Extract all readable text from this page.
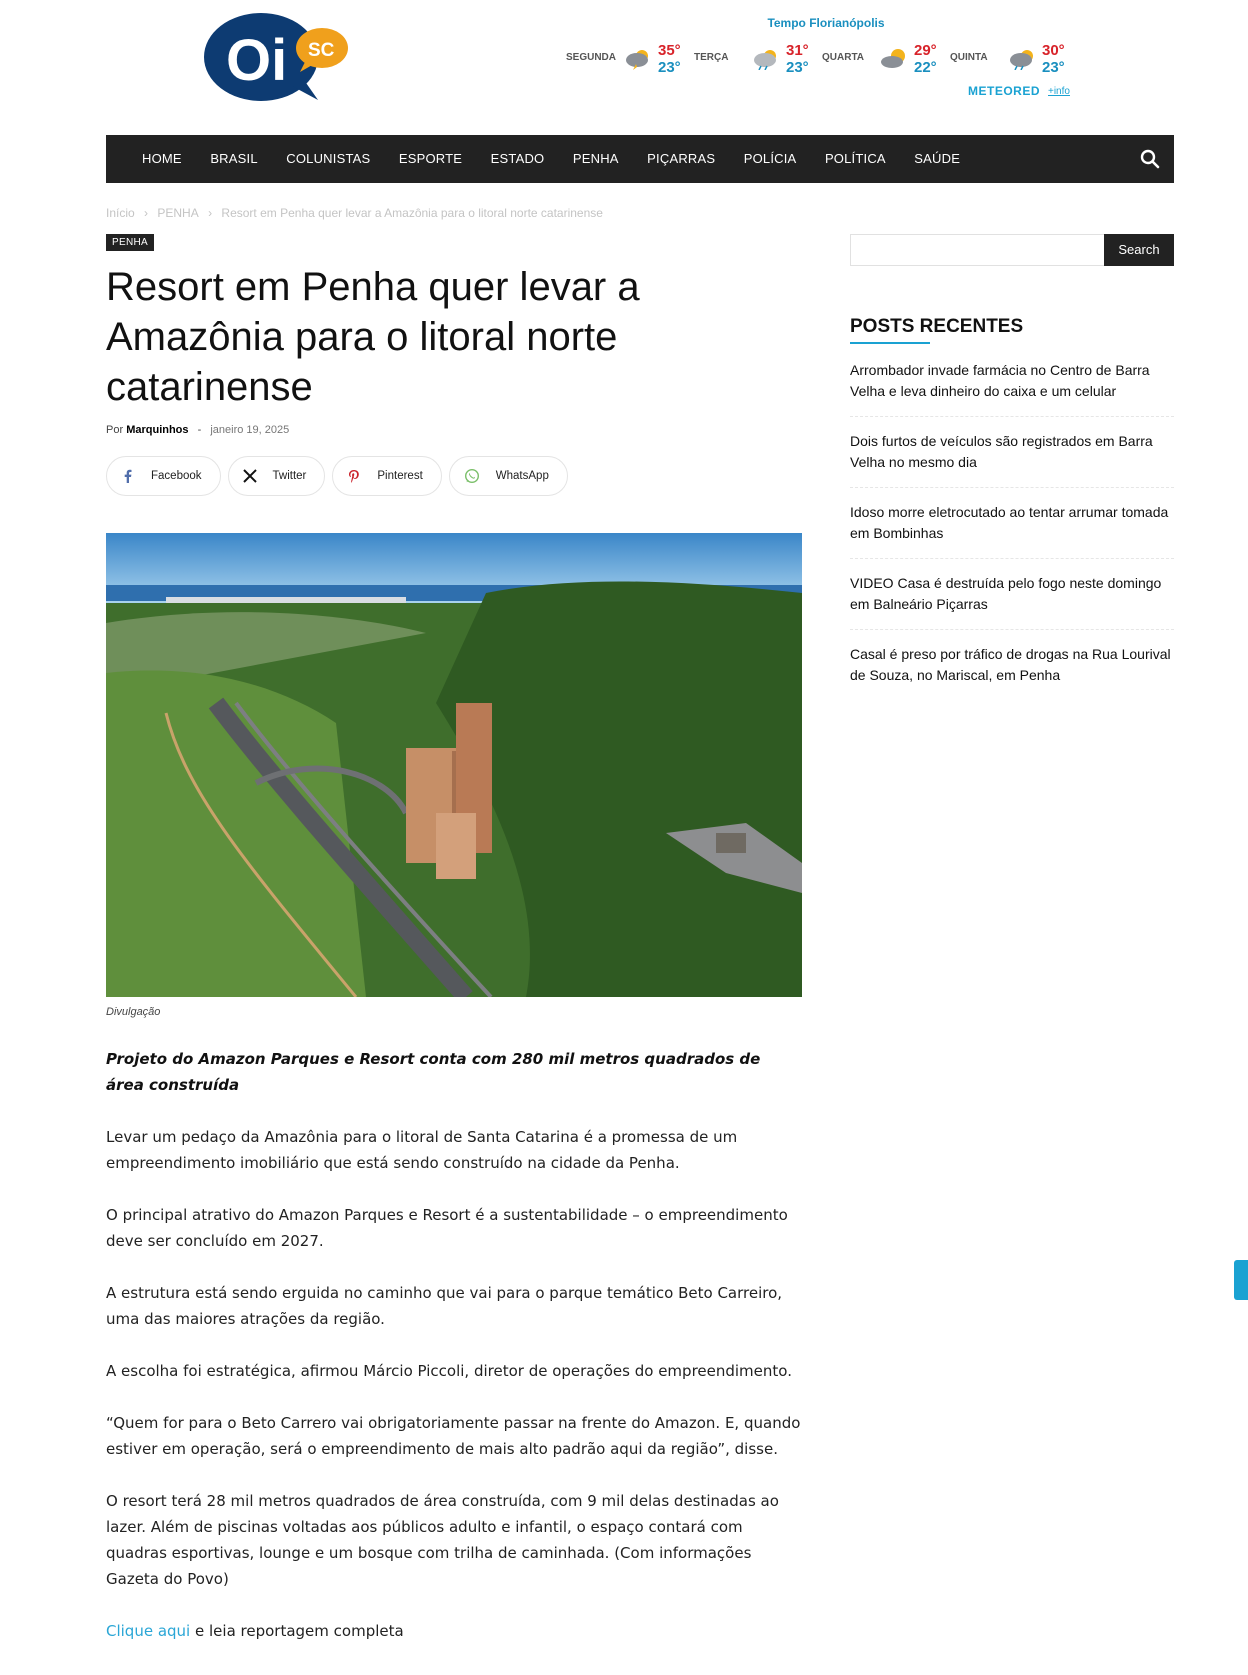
Oi SC
Tempo Florianópolis
SEGUNDA	35°
23°
TERÇA	31°
23°
QUARTA	29°
22°
QUINTA	30°
23°
METEORED +info
HOME BRASIL COLUNISTAS ESPORTE ESTADO PENHA PIÇARRAS POLÍCIA POLÍTICA SAÚDE
Início › PENHA › Resort em Penha quer levar a Amazônia para o litoral norte catarinense
PENHA
Resort em Penha quer levar a Amazônia para o litoral norte catarinense
Por Marquinhos - janeiro 19, 2025
Facebook	Twitter	Pinterest	WhatsApp
Divulgação

Projeto do Amazon Parques e Resort conta com 280 mil metros quadrados de área construída

Levar um pedaço da Amazônia para o litoral de Santa Catarina é a promessa de um empreendimento imobiliário que está sendo construído na cidade da Penha.

O principal atrativo do Amazon Parques e Resort é a sustentabilidade – o empreendimento deve ser concluído em 2027.

A estrutura está sendo erguida no caminho que vai para o parque temático Beto Carreiro, uma das maiores atrações da região.

A escolha foi estratégica, afirmou Márcio Piccoli, diretor de operações do empreendimento.

“Quem for para o Beto Carrero vai obrigatoriamente passar na frente do Amazon. E, quando estiver em operação, será o empreendimento de mais alto padrão aqui da região”, disse.

O resort terá 28 mil metros quadrados de área construída, com 9 mil delas destinadas ao lazer. Além de piscinas voltadas aos públicos adulto e infantil, o espaço contará com quadras esportivas, lounge e um bosque com trilha de caminhada. (Com informações Gazeta do Povo)

Clique aqui e leia reportagem completa

Search
POSTS RECENTES
Arrombador invade farmácia no Centro de Barra Velha e leva dinheiro do caixa e um celular
Dois furtos de veículos são registrados em Barra Velha no mesmo dia
Idoso morre eletrocutado ao tentar arrumar tomada em Bombinhas
VIDEO Casa é destruída pelo fogo neste domingo em Balneário Piçarras
Casal é preso por tráfico de drogas na Rua Lourival de Souza, no Mariscal, em Penha
